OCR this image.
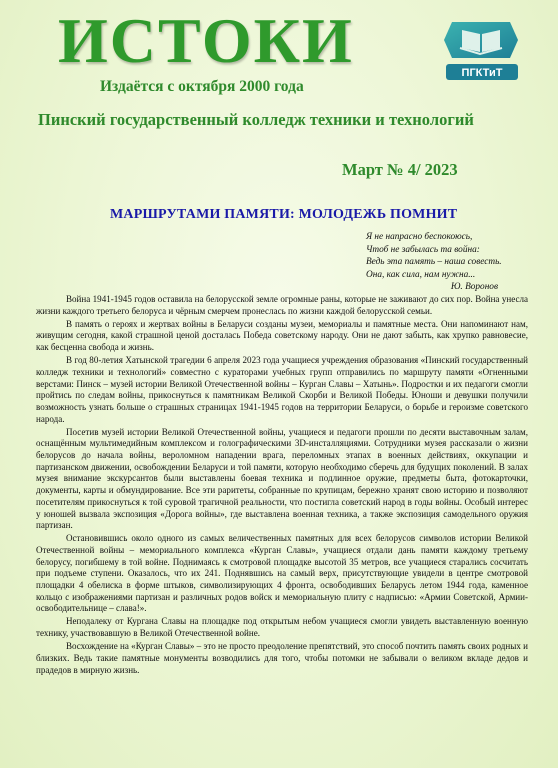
ИСТОКИ
Издаётся с октября 2000 года
Пинский государственный колледж техники и технологий
Март № 4/ 2023
ПГКТиТ
МАРШРУТАМИ ПАМЯТИ: МОЛОДЕЖЬ ПОМНИТ
Я не напрасно беспокоюсь,
Чтоб не забылась та война:
Ведь эта память – наша совесть.
Она, как сила, нам нужна...
Ю. Воронов

Война 1941-1945 годов оставила на белорусской земле огромные раны, которые не заживают до сих пор. Война унесла жизни каждого третьего белоруса и чёрным смерчем пронеслась по жизни каждой белорусской семьи.

В память о героях и жертвах войны в Беларуси созданы музеи, мемориалы и памятные места. Они напоминают нам, живущим сегодня, какой страшной ценой досталась Победа советскому народу. Они не дают забыть, как хрупко равновесие, как бесценна свобода и жизнь.

В год 80-летия Хатынской трагедии 6 апреля 2023 года учащиеся учреждения образования «Пинский государственный колледж техники и технологий» совместно с кураторами учебных групп отправились по маршруту памяти «Огненными верстами: Пинск – музей истории Великой Отечественной войны – Курган Славы – Хатынь». Подростки и их педагоги смогли пройтись по следам войны, прикоснуться к памятникам Великой Скорби и Великой Победы. Юноши и девушки получили возможность узнать больше о страшных страницах 1941-1945 годов на территории Беларуси, о борьбе и героизме советского народа.

Посетив музей истории Великой Отечественной войны, учащиеся и педагоги прошли по десяти выставочным залам, оснащённым мультимедийным комплексом и голографическими 3D-инсталляциями. Сотрудники музея рассказали о жизни белорусов до начала войны, вероломном нападении врага, переломных этапах в военных действиях, оккупации и партизанском движении, освобождении Беларуси и той памяти, которую необходимо сберечь для будущих поколений. В залах музея внимание экскурсантов были выставлены боевая техника и подлинное оружие, предметы быта, фотокарточки, документы, карты и обмундирование. Все эти раритеты, собранные по крупицам, бережно хранят свою историю и позволяют посетителям прикоснуться к той суровой трагичной реальности, что постигла советский народ в годы войны. Особый интерес у юношей вызвала экспозиция «Дорога войны», где выставлена военная техника, а также экспозиция самодельного оружия партизан.

Остановившись около одного из самых величественных памятных для всех белорусов символов истории Великой Отечественной войны – мемориального комплекса «Курган Славы», учащиеся отдали дань памяти каждому третьему белорусу, погибшему в той войне. Поднимаясь к смотровой площадке высотой 35 метров, все учащиеся старались сосчитать при подъеме ступени. Оказалось, что их 241. Поднявшись на самый верх, присутствующие увидели в центре смотровой площадки 4 обелиска в форме штыков, символизирующих 4 фронта, освободивших Беларусь летом 1944 года, каменное кольцо с изображениями партизан и различных родов войск и мемориальную плиту с надписью: «Армии Советской, Армии-освободительнице – слава!».

Неподалеку от Кургана Славы на площадке под открытым небом учащиеся смогли увидеть выставленную военную технику, участвовавшую в Великой Отечественной войне.

Восхождение на «Курган Славы» – это не просто преодоление препятствий, это способ почтить память своих родных и близких. Ведь такие памятные монументы возводились для того, чтобы потомки не забывали о великом вкладе дедов и прадедов в мирную жизнь.
